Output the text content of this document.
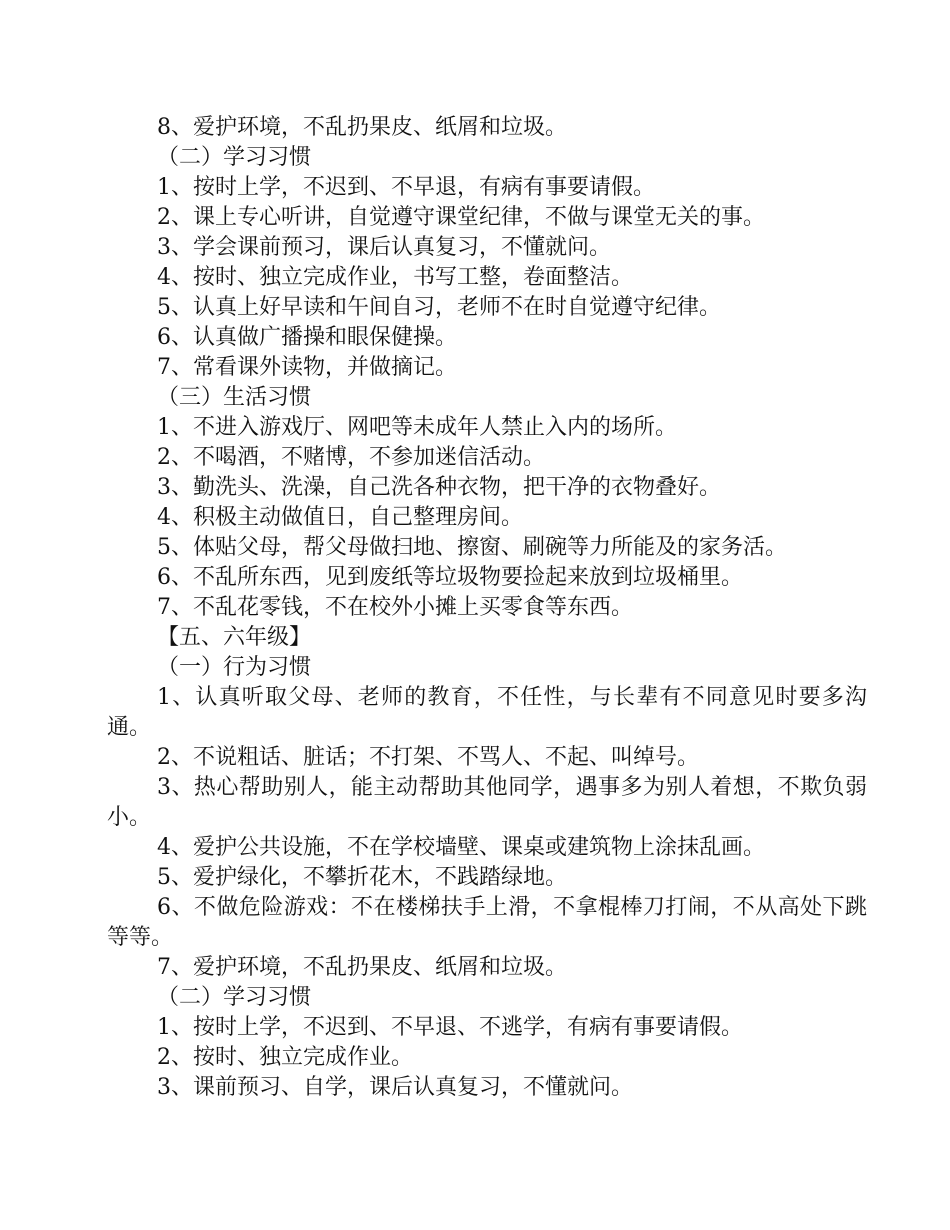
8、爱护环境，不乱扔果皮、纸屑和垃圾。

（二）学习习惯

1、按时上学，不迟到、不早退，有病有事要请假。

2、课上专心听讲，自觉遵守课堂纪律，不做与课堂无关的事。

3、学会课前预习，课后认真复习，不懂就问。

4、按时、独立完成作业，书写工整，卷面整洁。

5、认真上好早读和午间自习，老师不在时自觉遵守纪律。

6、认真做广播操和眼保健操。

7、常看课外读物，并做摘记。

（三）生活习惯

1、不进入游戏厅、网吧等未成年人禁止入内的场所。

2、不喝酒，不赌博，不参加迷信活动。

3、勤洗头、洗澡，自己洗各种衣物，把干净的衣物叠好。

4、积极主动做值日，自己整理房间。

5、体贴父母，帮父母做扫地、擦窗、刷碗等力所能及的家务活。

6、不乱所东西，见到废纸等垃圾物要捡起来放到垃圾桶里。

7、不乱花零钱，不在校外小摊上买零食等东西。

【五、六年级】

（一）行为习惯

1、认真听取父母、老师的教育，不任性，与长辈有不同意见时要多沟通。

2、不说粗话、脏话；不打架、不骂人、不起、叫绰号。

3、热心帮助别人，能主动帮助其他同学，遇事多为别人着想，不欺负弱小。

4、爱护公共设施，不在学校墙壁、课桌或建筑物上涂抹乱画。

5、爱护绿化，不攀折花木，不践踏绿地。

6、不做危险游戏：不在楼梯扶手上滑，不拿棍棒刀打闹，不从高处下跳等等。

7、爱护环境，不乱扔果皮、纸屑和垃圾。

（二）学习习惯

1、按时上学，不迟到、不早退、不逃学，有病有事要请假。

2、按时、独立完成作业。

3、课前预习、自学，课后认真复习，不懂就问。
